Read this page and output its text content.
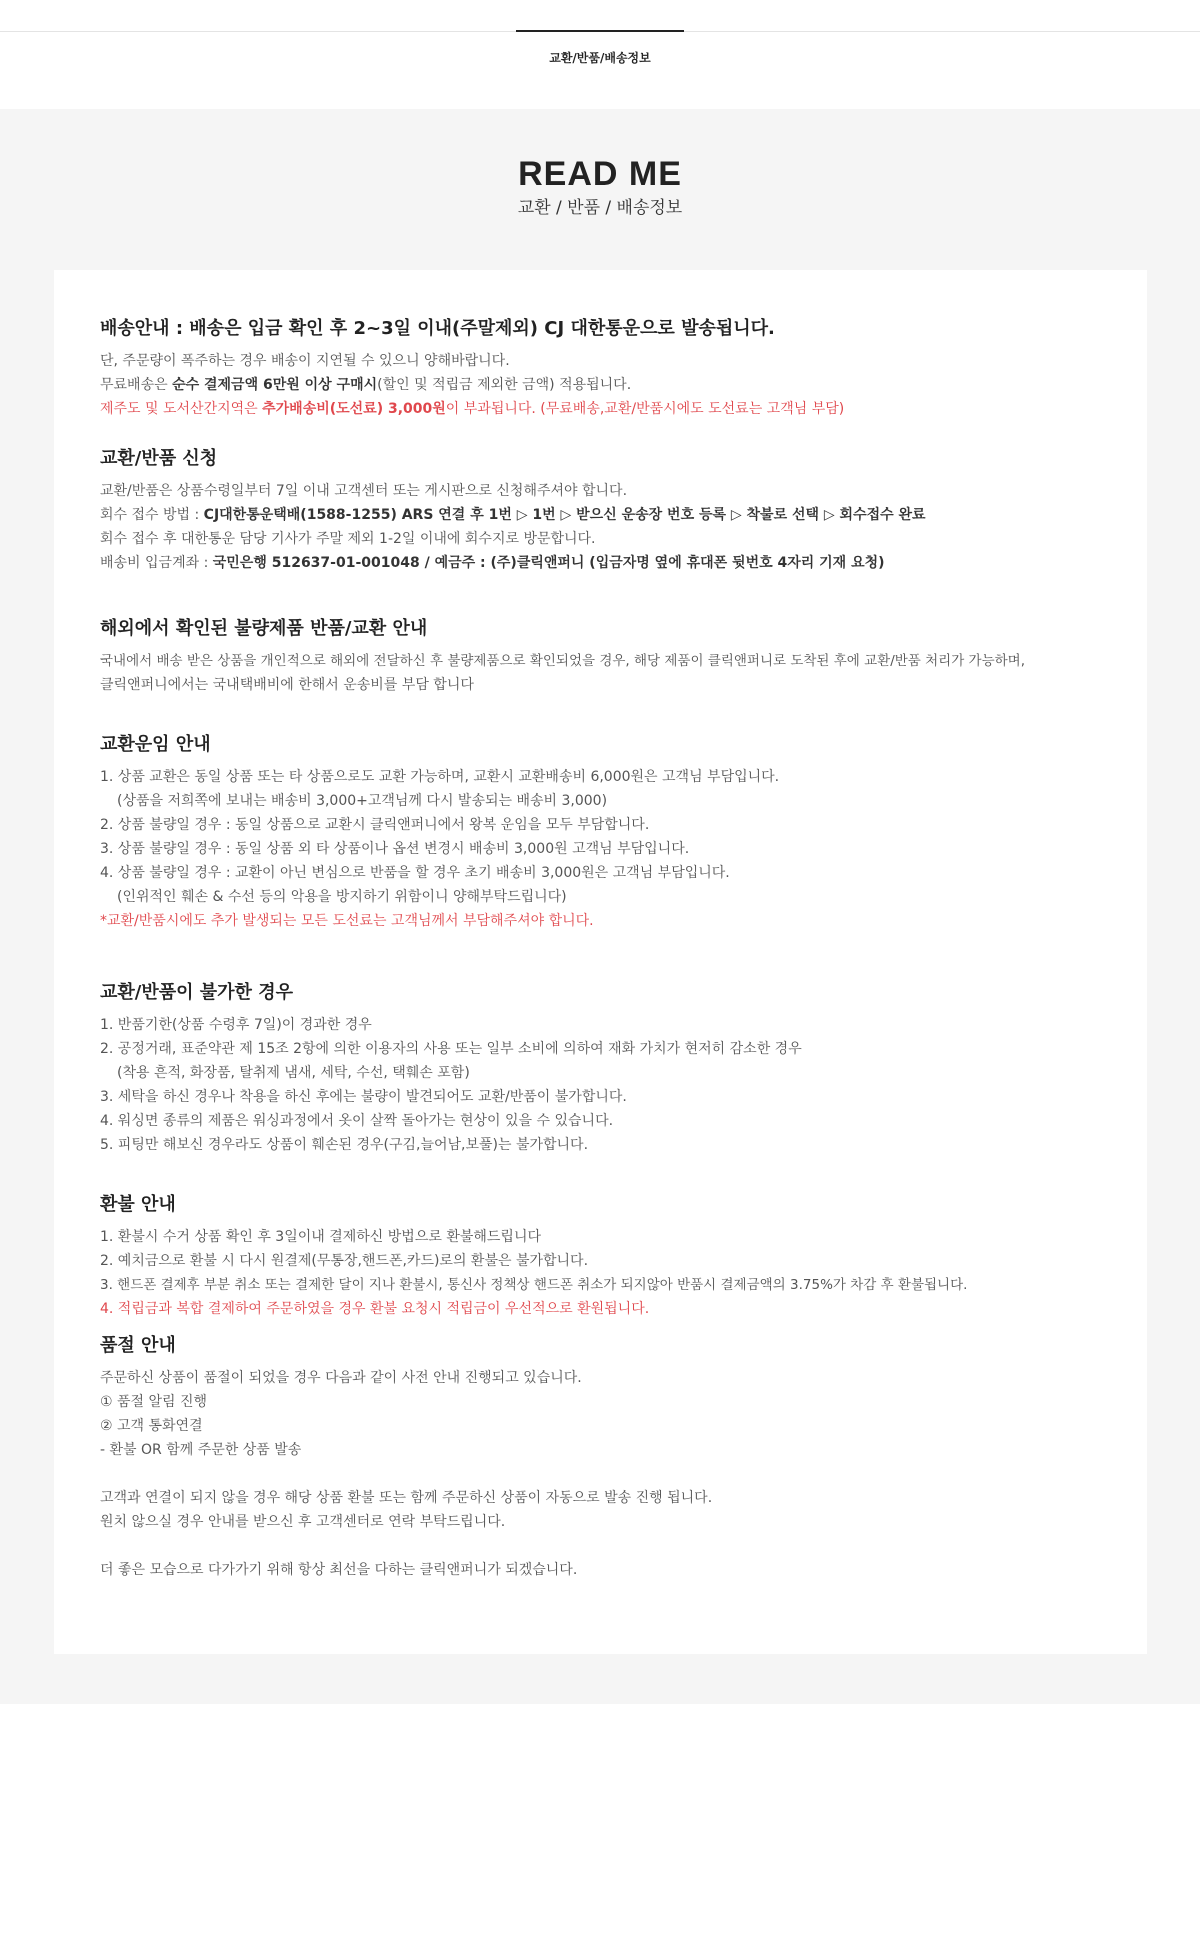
교환/반품/배송정보
READ ME
교환 / 반품 / 배송정보
배송안내 : 배송은 입금 확인 후 2~3일 이내(주말제외) CJ 대한통운으로 발송됩니다.
단, 주문량이 폭주하는 경우 배송이 지연될 수 있으니 양해바랍니다.
무료배송은 순수 결제금액 6만원 이상 구매시(할인 및 적립금 제외한 금액) 적용됩니다.
제주도 및 도서산간지역은 추가배송비(도선료) 3,000원이 부과됩니다. (무료배송,교환/반품시에도 도선료는 고객님 부담)
교환/반품 신청
교환/반품은 상품수령일부터 7일 이내 고객센터 또는 게시판으로 신청해주셔야 합니다.
회수 접수 방법 : CJ대한통운택배(1588-1255) ARS 연결 후 1번 ▷ 1번 ▷ 받으신 운송장 번호 등록 ▷ 착불로 선택 ▷ 회수접수 완료
회수 접수 후 대한통운 담당 기사가 주말 제외 1-2일 이내에 회수지로 방문합니다.
배송비 입금계좌 : 국민은행 512637-01-001048 / 예금주 : (주)클릭앤퍼니 (입금자명 옆에 휴대폰 뒷번호 4자리 기재 요청)
해외에서 확인된 불량제품 반품/교환 안내
국내에서 배송 받은 상품을 개인적으로 해외에 전달하신 후 불량제품으로 확인되었을 경우, 해당 제품이 클릭앤퍼니로 도착된 후에 교환/반품 처리가 가능하며,
클릭앤퍼니에서는 국내택배비에 한해서 운송비를 부담 합니다
교환운임 안내
1. 상품 교환은 동일 상품 또는 타 상품으로도 교환 가능하며, 교환시 교환배송비 6,000원은 고객님 부담입니다.
(상품을 저희쪽에 보내는 배송비 3,000+고객님께 다시 발송되는 배송비 3,000)
2. 상품 불량일 경우 : 동일 상품으로 교환시 클릭앤퍼니에서 왕복 운임을 모두 부담합니다.
3. 상품 불량일 경우 : 동일 상품 외 타 상품이나 옵션 변경시 배송비 3,000원 고객님 부담입니다.
4. 상품 불량일 경우 : 교환이 아닌 변심으로 반품을 할 경우 초기 배송비 3,000원은 고객님 부담입니다.
(인위적인 훼손 & 수선 등의 악용을 방지하기 위함이니 양해부탁드립니다)
*교환/반품시에도 추가 발생되는 모든 도선료는 고객님께서 부담해주셔야 합니다.
교환/반품이 불가한 경우
1. 반품기한(상품 수령후 7일)이 경과한 경우
2. 공정거래, 표준약관 제 15조 2항에 의한 이용자의 사용 또는 일부 소비에 의하여 재화 가치가 현저히 감소한 경우
(착용 흔적, 화장품, 탈취제 냄새, 세탁, 수선, 택훼손 포함)
3. 세탁을 하신 경우나 착용을 하신 후에는 불량이 발견되어도 교환/반품이 불가합니다.
4. 워싱면 종류의 제품은 워싱과정에서 옷이 살짝 돌아가는 현상이 있을 수 있습니다.
5. 피팅만 해보신 경우라도 상품이 훼손된 경우(구김,늘어남,보풀)는 불가합니다.
환불 안내
1. 환불시 수거 상품 확인 후 3일이내 결제하신 방법으로 환불해드립니다
2. 예치금으로 환불 시 다시 원결제(무통장,핸드폰,카드)로의 환불은 불가합니다.
3. 핸드폰 결제후 부분 취소 또는 결제한 달이 지나 환불시, 통신사 정책상 핸드폰 취소가 되지않아 반품시 결제금액의 3.75%가 차감 후 환불됩니다.
4. 적립금과 복합 결제하여 주문하였을 경우 환불 요청시 적립금이 우선적으로 환원됩니다.
품절 안내
주문하신 상품이 품절이 되었을 경우 다음과 같이 사전 안내 진행되고 있습니다.
① 품절 알림 진행
② 고객 통화연결
- 환불 OR 함께 주문한 상품 발송

고객과 연결이 되지 않을 경우 해당 상품 환불 또는 함께 주문하신 상품이 자동으로 발송 진행 됩니다.
원치 않으실 경우 안내를 받으신 후 고객센터로 연락 부탁드립니다.

더 좋은 모습으로 다가가기 위해 항상 최선을 다하는 클릭앤퍼니가 되겠습니다.
